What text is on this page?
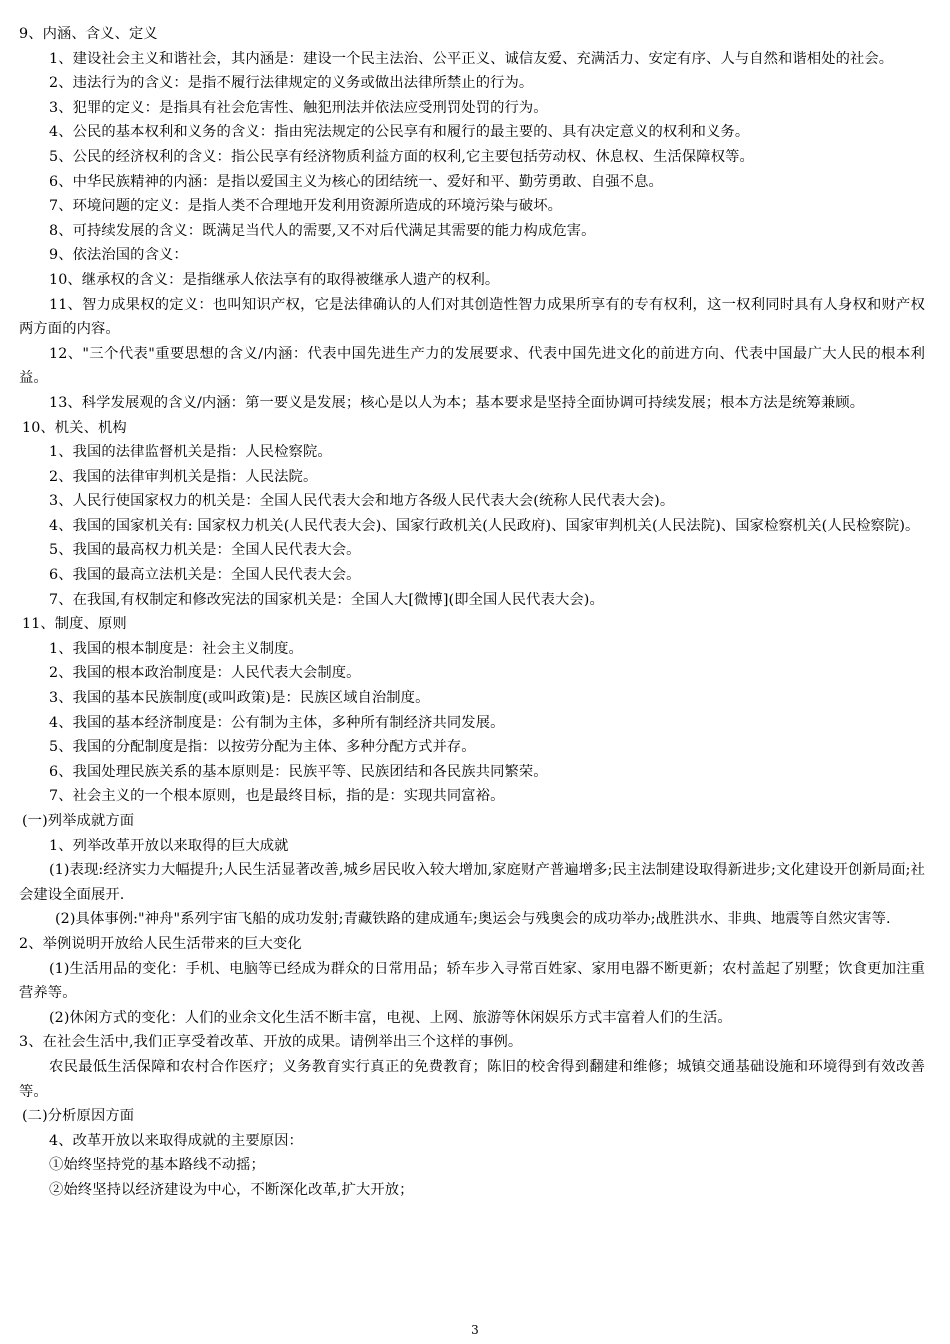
9、内涵、含义、定义

1、建设社会主义和谐社会，其内涵是：建设一个民主法治、公平正义、诚信友爱、充满活力、安定有序、人与自然和谐相处的社会。

2、违法行为的含义：是指不履行法律规定的义务或做出法律所禁止的行为。

3、犯罪的定义：是指具有社会危害性、触犯刑法并依法应受刑罚处罚的行为。

4、公民的基本权利和义务的含义：指由宪法规定的公民享有和履行的最主要的、具有决定意义的权利和义务。

5、公民的经济权利的含义：指公民享有经济物质利益方面的权利,它主要包括劳动权、休息权、生活保障权等。

6、中华民族精神的内涵：是指以爱国主义为核心的团结统一、爱好和平、勤劳勇敢、自强不息。

7、环境问题的定义：是指人类不合理地开发利用资源所造成的环境污染与破坏。

8、可持续发展的含义：既满足当代人的需要,又不对后代满足其需要的能力构成危害。

9、依法治国的含义：

10、继承权的含义：是指继承人依法享有的取得被继承人遗产的权利。

11、智力成果权的定义：也叫知识产权，它是法律确认的人们对其创造性智力成果所享有的专有权利，这一权利同时具有人身权和财产权两方面的内容。

12、"三个代表"重要思想的含义/内涵：代表中国先进生产力的发展要求、代表中国先进文化的前进方向、代表中国最广大人民的根本利益。

13、科学发展观的含义/内涵：第一要义是发展；核心是以人为本；基本要求是坚持全面协调可持续发展；根本方法是统筹兼顾。

10、机关、机构

1、我国的法律监督机关是指：人民检察院。

2、我国的法律审判机关是指：人民法院。

3、人民行使国家权力的机关是：全国人民代表大会和地方各级人民代表大会(统称人民代表大会)。

4、我国的国家机关有: 国家权力机关(人民代表大会)、国家行政机关(人民政府)、国家审判机关(人民法院)、国家检察机关(人民检察院)。

5、我国的最高权力机关是：全国人民代表大会。

6、我国的最高立法机关是：全国人民代表大会。

7、在我国,有权制定和修改宪法的国家机关是：全国人大[微博](即全国人民代表大会)。

11、制度、原则

1、我国的根本制度是：社会主义制度。

2、我国的根本政治制度是：人民代表大会制度。

3、我国的基本民族制度(或叫政策)是：民族区域自治制度。

4、我国的基本经济制度是：公有制为主体，多种所有制经济共同发展。

5、我国的分配制度是指：以按劳分配为主体、多种分配方式并存。

6、我国处理民族关系的基本原则是：民族平等、民族团结和各民族共同繁荣。

7、社会主义的一个根本原则，也是最终目标，指的是：实现共同富裕。

(一)列举成就方面

1、列举改革开放以来取得的巨大成就

(1)表现:经济实力大幅提升;人民生活显著改善,城乡居民收入较大增加,家庭财产普遍增多;民主法制建设取得新进步;文化建设开创新局面;社会建设全面展开.

(2)具体事例:"神舟"系列宇宙飞船的成功发射;青藏铁路的建成通车;奥运会与残奥会的成功举办;战胜洪水、非典、地震等自然灾害等.

2、举例说明开放给人民生活带来的巨大变化

(1)生活用品的变化：手机、电脑等已经成为群众的日常用品；轿车步入寻常百姓家、家用电器不断更新；农村盖起了别墅；饮食更加注重营养等。

(2)休闲方式的变化：人们的业余文化生活不断丰富，电视、上网、旅游等休闲娱乐方式丰富着人们的生活。

3、在社会生活中,我们正享受着改革、开放的成果。请例举出三个这样的事例。

农民最低生活保障和农村合作医疗；义务教育实行真正的免费教育；陈旧的校舍得到翻建和维修；城镇交通基础设施和环境得到有效改善等。

(二)分析原因方面

4、改革开放以来取得成就的主要原因：

①始终坚持党的基本路线不动摇；

②始终坚持以经济建设为中心，不断深化改革,扩大开放；

3
